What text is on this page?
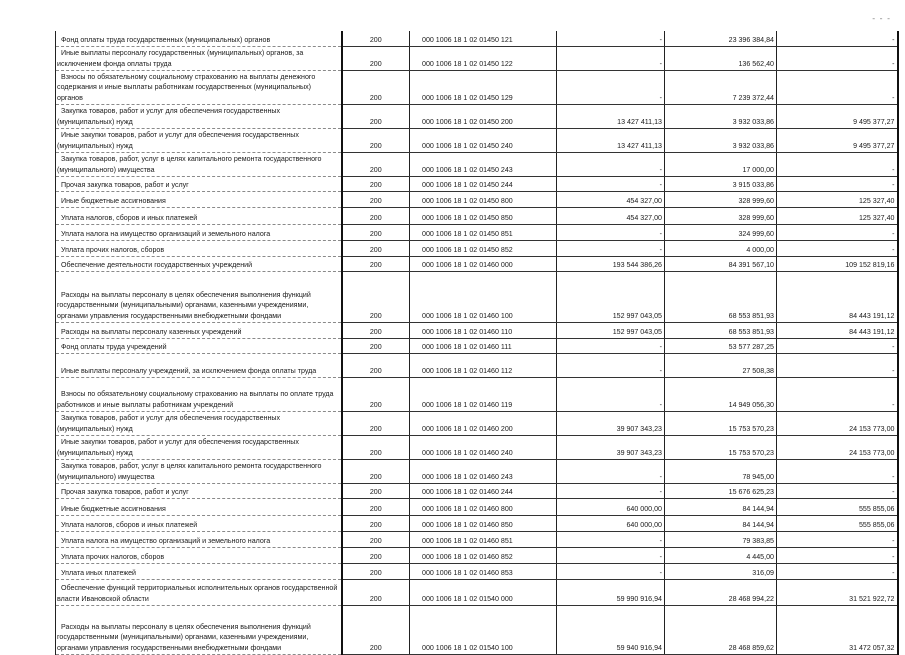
- - -
Фонд оплаты труда государственных (муниципальных) органов	200	000 1006 18 1 02 01450 121	-	23 396 384,84	-
Иные выплаты персоналу государственных (муниципальных) органов, за исключением фонда оплаты труда	200	000 1006 18 1 02 01450 122	-	136 562,40	-
Взносы по обязательному социальному страхованию на выплаты денежного содержания и иные выплаты работникам государственных (муниципальных) органов	200	000 1006 18 1 02 01450 129	-	7 239 372,44	-
Закупка товаров, работ и услуг для обеспечения государственных (муниципальных) нужд	200	000 1006 18 1 02 01450 200	13 427 411,13	3 932 033,86	9 495 377,27
Иные закупки товаров, работ и услуг для обеспечения государственных (муниципальных) нужд	200	000 1006 18 1 02 01450 240	13 427 411,13	3 932 033,86	9 495 377,27
Закупка товаров, работ, услуг в целях капитального ремонта государственного (муниципального) имущества	200	000 1006 18 1 02 01450 243	-	17 000,00	-
Прочая закупка товаров, работ и услуг	200	000 1006 18 1 02 01450 244	-	3 915 033,86	-
Иные бюджетные ассигнования	200	000 1006 18 1 02 01450 800	454 327,00	328 999,60	125 327,40
Уплата налогов, сборов и иных платежей	200	000 1006 18 1 02 01450 850	454 327,00	328 999,60	125 327,40
Уплата налога на имущество организаций и земельного налога	200	000 1006 18 1 02 01450 851	-	324 999,60	-
Уплата прочих налогов, сборов	200	000 1006 18 1 02 01450 852	-	4 000,00	-
Обеспечение деятельности государственных учреждений	200	000 1006 18 1 02 01460 000	193 544 386,26	84 391 567,10	109 152 819,16
Расходы на выплаты персоналу в целях обеспечения выполнения функций государственными (муниципальными) органами, казенными учреждениями, органами управления государственными внебюджетными фондами	200	000 1006 18 1 02 01460 100	152 997 043,05	68 553 851,93	84 443 191,12
Расходы на выплаты персоналу казенных учреждений	200	000 1006 18 1 02 01460 110	152 997 043,05	68 553 851,93	84 443 191,12
Фонд оплаты труда учреждений	200	000 1006 18 1 02 01460 111	-	53 577 287,25	-
Иные выплаты персоналу учреждений, за исключением фонда оплаты труда	200	000 1006 18 1 02 01460 112	-	27 508,38	-
Взносы по обязательному социальному страхованию на выплаты по оплате труда работников и иные выплаты работникам учреждений	200	000 1006 18 1 02 01460 119	-	14 949 056,30	-
Закупка товаров, работ и услуг для обеспечения государственных (муниципальных) нужд	200	000 1006 18 1 02 01460 200	39 907 343,23	15 753 570,23	24 153 773,00
Иные закупки товаров, работ и услуг для обеспечения государственных (муниципальных) нужд	200	000 1006 18 1 02 01460 240	39 907 343,23	15 753 570,23	24 153 773,00
Закупка товаров, работ, услуг в целях капитального ремонта государственного (муниципального) имущества	200	000 1006 18 1 02 01460 243	-	78 945,00	-
Прочая закупка товаров, работ и услуг	200	000 1006 18 1 02 01460 244	-	15 676 625,23	-
Иные бюджетные ассигнования	200	000 1006 18 1 02 01460 800	640 000,00	84 144,94	555 855,06
Уплата налогов, сборов и иных платежей	200	000 1006 18 1 02 01460 850	640 000,00	84 144,94	555 855,06
Уплата налога на имущество организаций и земельного налога	200	000 1006 18 1 02 01460 851	-	79 383,85	-
Уплата прочих налогов, сборов	200	000 1006 18 1 02 01460 852	-	4 445,00	-
Уплата иных платежей	200	000 1006 18 1 02 01460 853	-	316,09	-
Обеспечение функций территориальных исполнительных органов государственной власти Ивановской области	200	000 1006 18 1 02 01540 000	59 990 916,94	28 468 994,22	31 521 922,72
Расходы на выплаты персоналу в целях обеспечения выполнения функций государственными (муниципальными) органами, казенными учреждениями, органами управления государственными внебюджетными фондами	200	000 1006 18 1 02 01540 100	59 940 916,94	28 468 859,62	31 472 057,32
